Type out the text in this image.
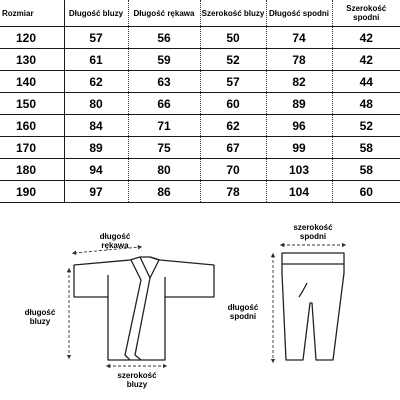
Rozmiar	Długość bluzy	Długość rękawa	Szerokość bluzy	Długość spodni	Szerokość spodni
120	57	56	50	74	42
130	61	59	52	78	42
140	62	63	57	82	44
150	80	66	60	89	48
160	84	71	62	96	52
170	89	75	67	99	58
180	94	80	70	103	58
190	97	86	78	104	60
długość
rękawa
długość
bluzy
szerokość
bluzy
szerokość
spodni
długość
spodni
